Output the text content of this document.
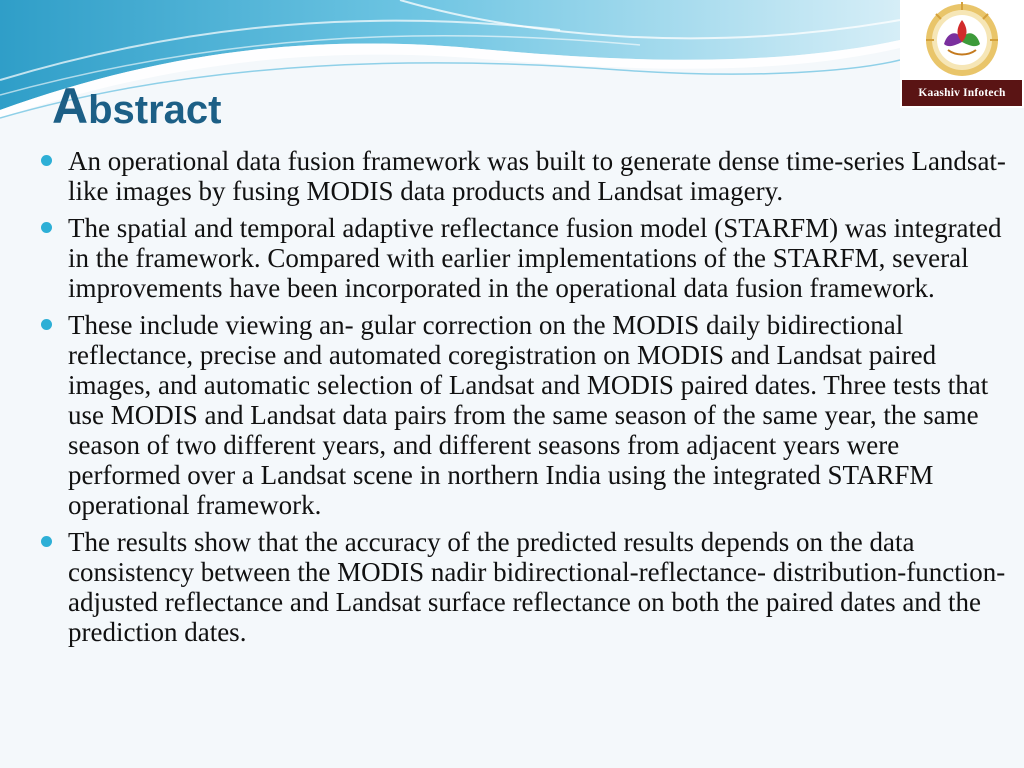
Kaashiv Infotech
Abstract
An operational data fusion framework was built to generate dense time-series Landsat-like images by fusing MODIS data products and Landsat imagery.
The spatial and temporal adaptive reflectance fusion model (STARFM) was integrated in the framework. Compared with earlier implementations of the STARFM, several improvements have been incorporated in the operational data fusion framework.
These include viewing an- gular correction on the MODIS daily bidirectional reflectance, precise and automated coregistration on MODIS and Landsat paired images, and automatic selection of Landsat and MODIS paired dates. Three tests that use MODIS and Landsat data pairs from the same season of the same year, the same season of two different years, and different seasons from adjacent years were performed over a Landsat scene in northern India using the integrated STARFM operational framework.
The results show that the accuracy of the predicted results depends on the data consistency between the MODIS nadir bidirectional-reflectance- distribution-function-adjusted reflectance and Landsat surface reflectance on both the paired dates and the prediction dates.
